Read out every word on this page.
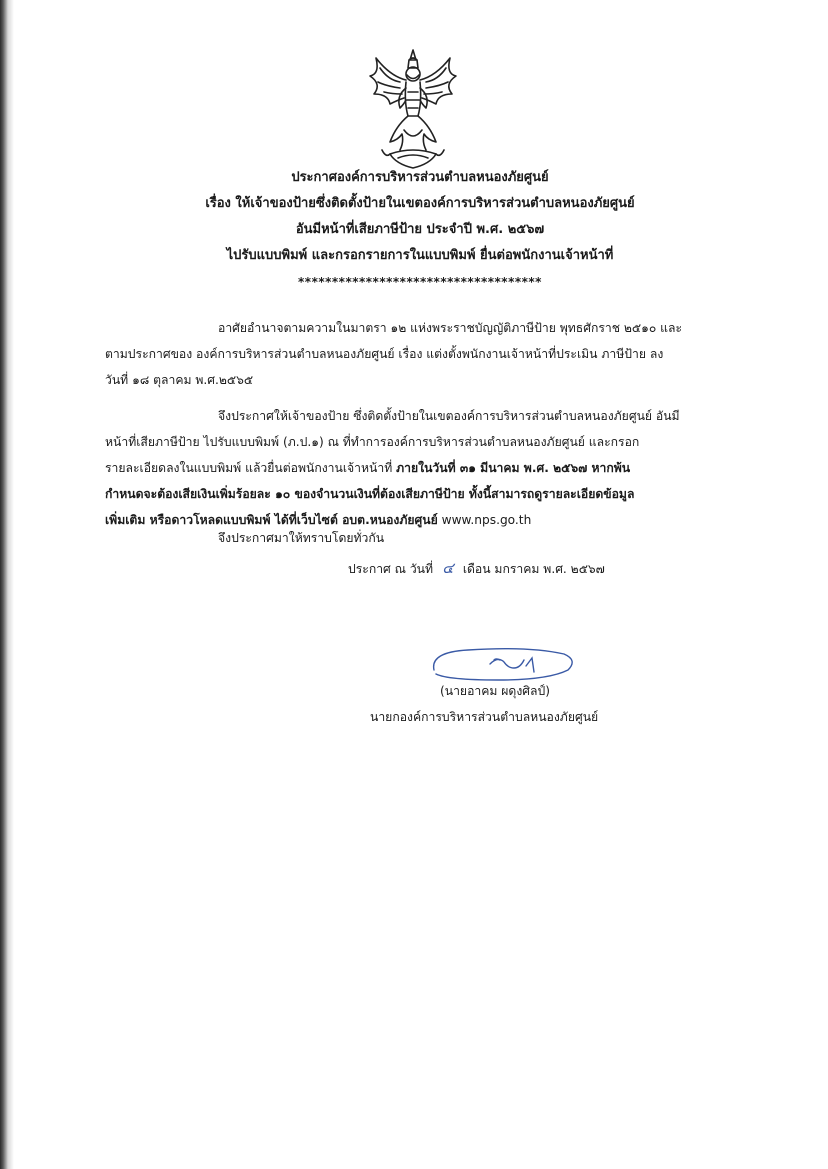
ประกาศองค์การบริหารส่วนตำบลหนองภัยศูนย์
เรื่อง ให้เจ้าของป้ายซึ่งติดตั้งป้ายในเขตองค์การบริหารส่วนตำบลหนองภัยศูนย์
อันมีหน้าที่เสียภาษีป้าย ประจำปี พ.ศ. ๒๕๖๗
ไปรับแบบพิมพ์ และกรอกรายการในแบบพิมพ์ ยื่นต่อพนักงานเจ้าหน้าที่
************************************
อาศัยอำนาจตามความในมาตรา ๑๒ แห่งพระราชบัญญัติภาษีป้าย พุทธศักราช ๒๕๑๐ และ
ตามประกาศของ องค์การบริหารส่วนตำบลหนองภัยศูนย์ เรื่อง แต่งตั้งพนักงานเจ้าหน้าที่ประเมิน ภาษีป้าย ลง
วันที่ ๑๘ ตุลาคม พ.ศ.๒๕๖๕
จึงประกาศให้เจ้าของป้าย ซึ่งติดตั้งป้ายในเขตองค์การบริหารส่วนตำบลหนองภัยศูนย์ อันมี
หน้าที่เสียภาษีป้าย ไปรับแบบพิมพ์ (ภ.ป.๑) ณ ที่ทำการองค์การบริหารส่วนตำบลหนองภัยศูนย์ และกรอก
รายละเอียดลงในแบบพิมพ์ แล้วยื่นต่อพนักงานเจ้าหน้าที่ ภายในวันที่ ๓๑ มีนาคม พ.ศ. ๒๕๖๗ หากพ้น
กำหนดจะต้องเสียเงินเพิ่มร้อยละ ๑๐ ของจำนวนเงินที่ต้องเสียภาษีป้าย ทั้งนี้สามารถดูรายละเอียดข้อมูล
เพิ่มเติม หรือดาวโหลดแบบพิมพ์ ได้ที่เว็บไซต์ อบต.หนองภัยศูนย์ www.nps.go.th
จึงประกาศมาให้ทราบโดยทั่วกัน
ประกาศ ณ วันที่ ๔ เดือน มกราคม พ.ศ. ๒๕๖๗
(นายอาคม ผดุงศิลป์)
นายกองค์การบริหารส่วนตำบลหนองภัยศูนย์
